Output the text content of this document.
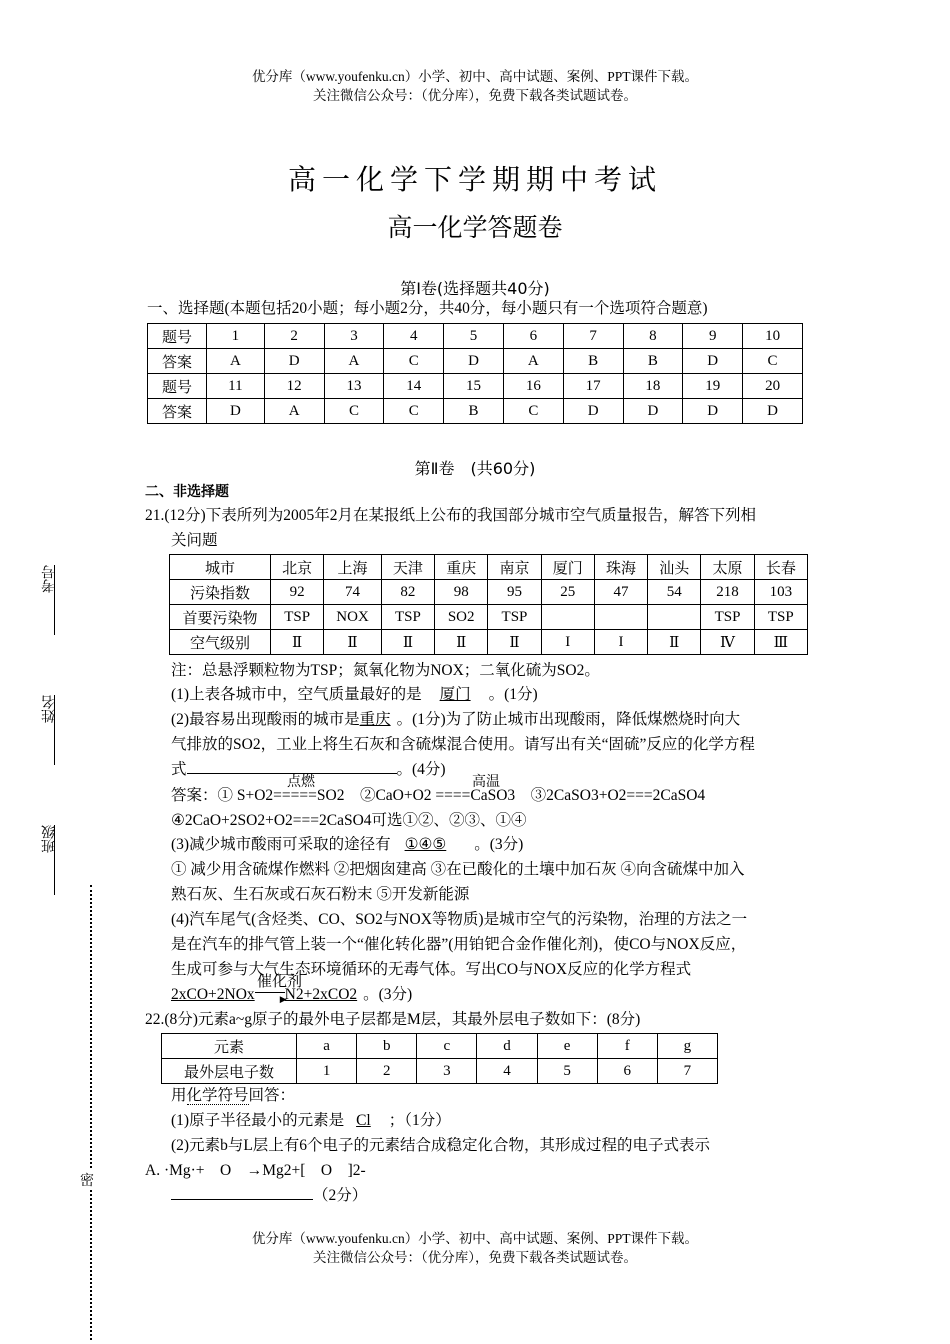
优分库（www.youfenku.cn）小学、初中、高中试题、案例、PPT课件下载。
关注微信公众号：（优分库），免费下载各类试题试卷。
高一化学下学期期中考试
高一化学答题卷
考号
姓名
班级
密
第Ⅰ卷(选择题共40分)
一、选择题(本题包括20小题；每小题2分，共40分，每小题只有一个选项符合题意)
题号	1	2	3	4	5	6	7	8	9	10
答案	A	D	A	C	D	A	B	B	D	C
题号	11	12	13	14	15	16	17	18	19	20
答案	D	A	C	C	B	C	D	D	D	D
第Ⅱ卷　(共60分)
二、非选择题
21.(12分)下表所列为2005年2月在某报纸上公布的我国部分城市空气质量报告，解答下列相
关问题
城市	北京	上海	天津	重庆	南京	厦门	珠海	汕头	太原	长春
污染指数	92	74	82	98	95	25	47	54	218	103
首要污染物	TSP	NOX	TSP	SO2	TSP				TSP	TSP
空气级别	Ⅱ	Ⅱ	Ⅱ	Ⅱ	Ⅱ	I	I	Ⅱ	Ⅳ	Ⅲ
注：总悬浮颗粒物为TSP；氮氧化物为NOX；二氧化硫为SO2。
(1)上表各城市中，空气质量最好的是 厦门 。(1分)
(2)最容易出现酸雨的城市是重庆 。(1分)为了防止城市出现酸雨，降低煤燃烧时向大
气排放的SO2，工业上将生石灰和含硫煤混合使用。请写出有关“固硫”反应的化学方程
式	。(4分)
点燃	高温
答案：① S+O2=====SO2　②CaO+O2 ====CaSO3　③2CaSO3+O2===2CaSO4
④2CaO+2SO2+O2===2CaSO4可选①②、②③、①④
(3)减少城市酸雨可采取的途径有 ①④⑤ 。(3分)
① 减少用含硫煤作燃料 ②把烟囱建高 ③在已酸化的土壤中加石灰 ④向含硫煤中加入
熟石灰、生石灰或石灰石粉末 ⑤开发新能源
(4)汽车尾气(含烃类、CO、SO2与NOX等物质)是城市空气的污染物，治理的方法之一
是在汽车的排气管上装一个“催化转化器”(用铂钯合金作催化剂)，使CO与NOX反应，
生成可参与大气生态环境循环的无毒气体。写出CO与NOX反应的化学方程式
催化剂
2xCO+2NOx	▶
N2+2xCO2 。(3分)
22.(8分)元素a~g原子的最外电子层都是M层，其最外层电子数如下：(8分)
元素	a	b	c	d	e	f	g
最外层电子数	1	2	3	4	5	6	7
用化学符号回答：
(1)原子半径最小的元素是 Cl ；（1分）
(2)元素b与L层上有6个电子的元素结合成稳定化合物，其形成过程的电子式表示
A. ·Mg·+　O　→Mg2+[　O　]2-
（2分）
优分库（www.youfenku.cn）小学、初中、高中试题、案例、PPT课件下载。
关注微信公众号：（优分库），免费下载各类试题试卷。
